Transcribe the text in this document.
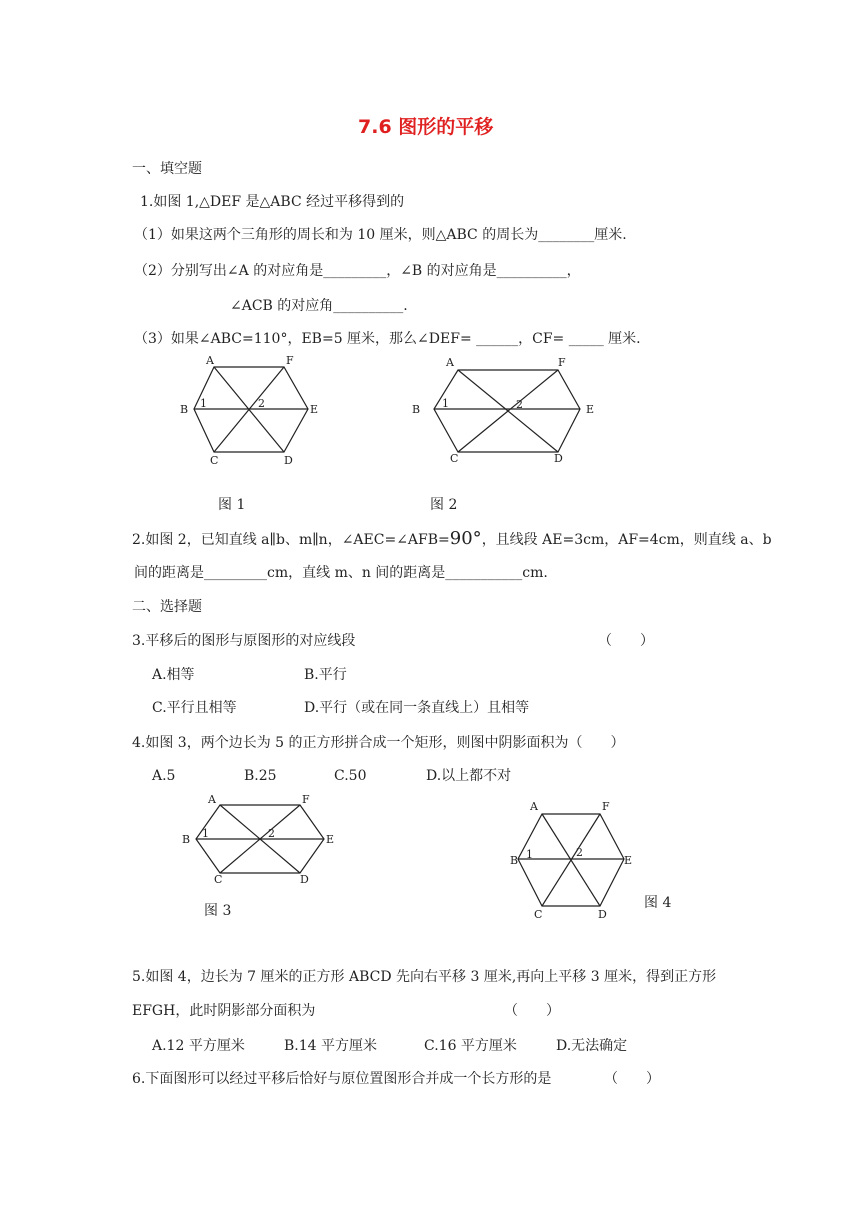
7.6 图形的平移
一、填空题
1.如图 1,△DEF 是△ABC 经过平移得到的
（1）如果这两个三角形的周长和为 10 厘米，则△ABC 的周长为________厘米.
（2）分别写出∠A 的对应角是_________，∠B 的对应角是__________，
∠ACB 的对应角__________.
（3）如果∠ABC=110°，EB=5 厘米，那么∠DEF= ______，CF= _____ 厘米.
A	F
B 1	2	E
C	D
图 1
A	F
B 1	2	E
C	D
图 2
2.如图 2，已知直线 a∥b、m∥n，∠AEC=∠AFB=90°，且线段 AE=3cm，AF=4cm，则直线 a、b
间的距离是_________cm，直线 m、n 间的距离是___________cm.
二、选择题
3.平移后的图形与原图形的对应线段	（　　）
A.相等	B.平行
C.平行且相等	D.平行（或在同一条直线上）且相等
4.如图 3，两个边长为 5 的正方形拼合成一个矩形，则图中阴影面积为（　　）
A.5	B.25	C.50	D.以上都不对
A	F
B 1	2	E
C	D
图 3
A	F
B 1	2
E
C	D
图 4
5.如图 4，边长为 7 厘米的正方形 ABCD 先向右平移 3 厘米,再向上平移 3 厘米，得到正方形
EFGH，此时阴影部分面积为	（　　）
A.12 平方厘米	B.14 平方厘米	C.16 平方厘米	D.无法确定
6.下面图形可以经过平移后恰好与原位置图形合并成一个长方形的是	（　　）
